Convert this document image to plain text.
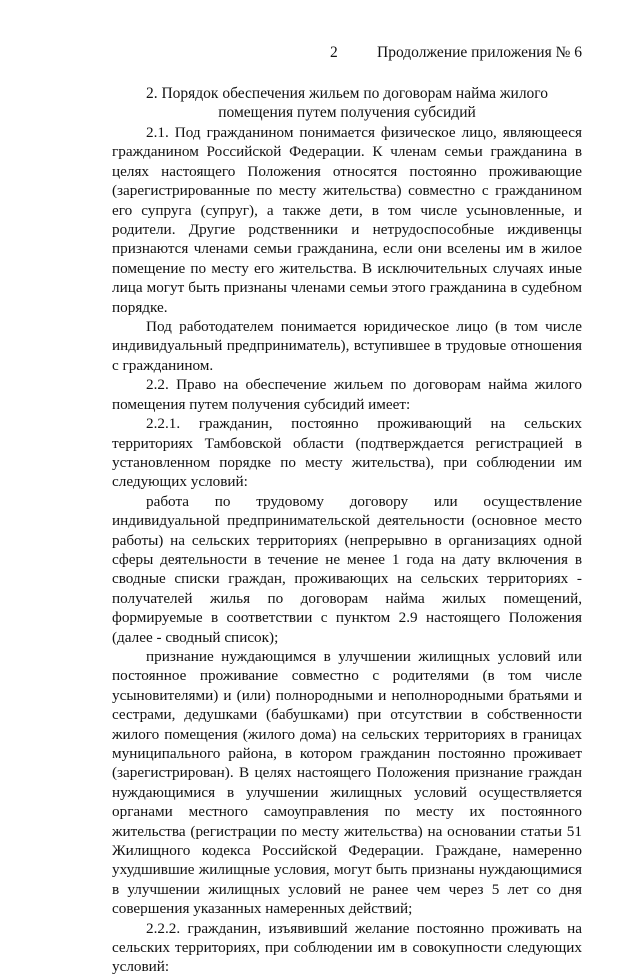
2	Продолжение приложения № 6
2. Порядок обеспечения жильем по договорам найма жилого помещения путем получения субсидий

2.1. Под гражданином понимается физическое лицо, являющееся гражданином Российской Федерации. К членам семьи гражданина в целях настоящего Положения относятся постоянно проживающие (зарегистрированные по месту жительства) совместно с гражданином его супруга (супруг), а также дети, в том числе усыновленные, и родители. Другие родственники и нетрудоспособные иждивенцы признаются членами семьи гражданина, если они вселены им в жилое помещение по месту его жительства. В исключительных случаях иные лица могут быть признаны членами семьи этого гражданина в судебном порядке.

Под работодателем понимается юридическое лицо (в том числе индивидуальный предприниматель), вступившее в трудовые отношения с гражданином.

2.2. Право на обеспечение жильем по договорам найма жилого помещения путем получения субсидий имеет:

2.2.1. гражданин, постоянно проживающий на сельских территориях Тамбовской области (подтверждается регистрацией в установленном порядке по месту жительства), при соблюдении им следующих условий:

работа по трудовому договору или осуществление индивидуальной предпринимательской деятельности (основное место работы) на сельских территориях (непрерывно в организациях одной сферы деятельности в течение не менее 1 года на дату включения в сводные списки граждан, проживающих на сельских территориях - получателей жилья по договорам найма жилых помещений, формируемые в соответствии с пунктом 2.9 настоящего Положения (далее - сводный список);

признание нуждающимся в улучшении жилищных условий или постоянное проживание совместно с родителями (в том числе усыновителями) и (или) полнородными и неполнородными братьями и сестрами, дедушками (бабушками) при отсутствии в собственности жилого помещения (жилого дома) на сельских территориях в границах муниципального района, в котором гражданин постоянно проживает (зарегистрирован). В целях настоящего Положения признание граждан нуждающимися в улучшении жилищных условий осуществляется органами местного самоуправления по месту их постоянного жительства (регистрации по месту жительства) на основании статьи 51 Жилищного кодекса Российской Федерации. Граждане, намеренно ухудшившие жилищные условия, могут быть признаны нуждающимися в улучшении жилищных условий не ранее чем через 5 лет со дня совершения указанных намеренных действий;

2.2.2. гражданин, изъявивший желание постоянно проживать на сельских территориях, при соблюдении им в совокупности следующих условий:
